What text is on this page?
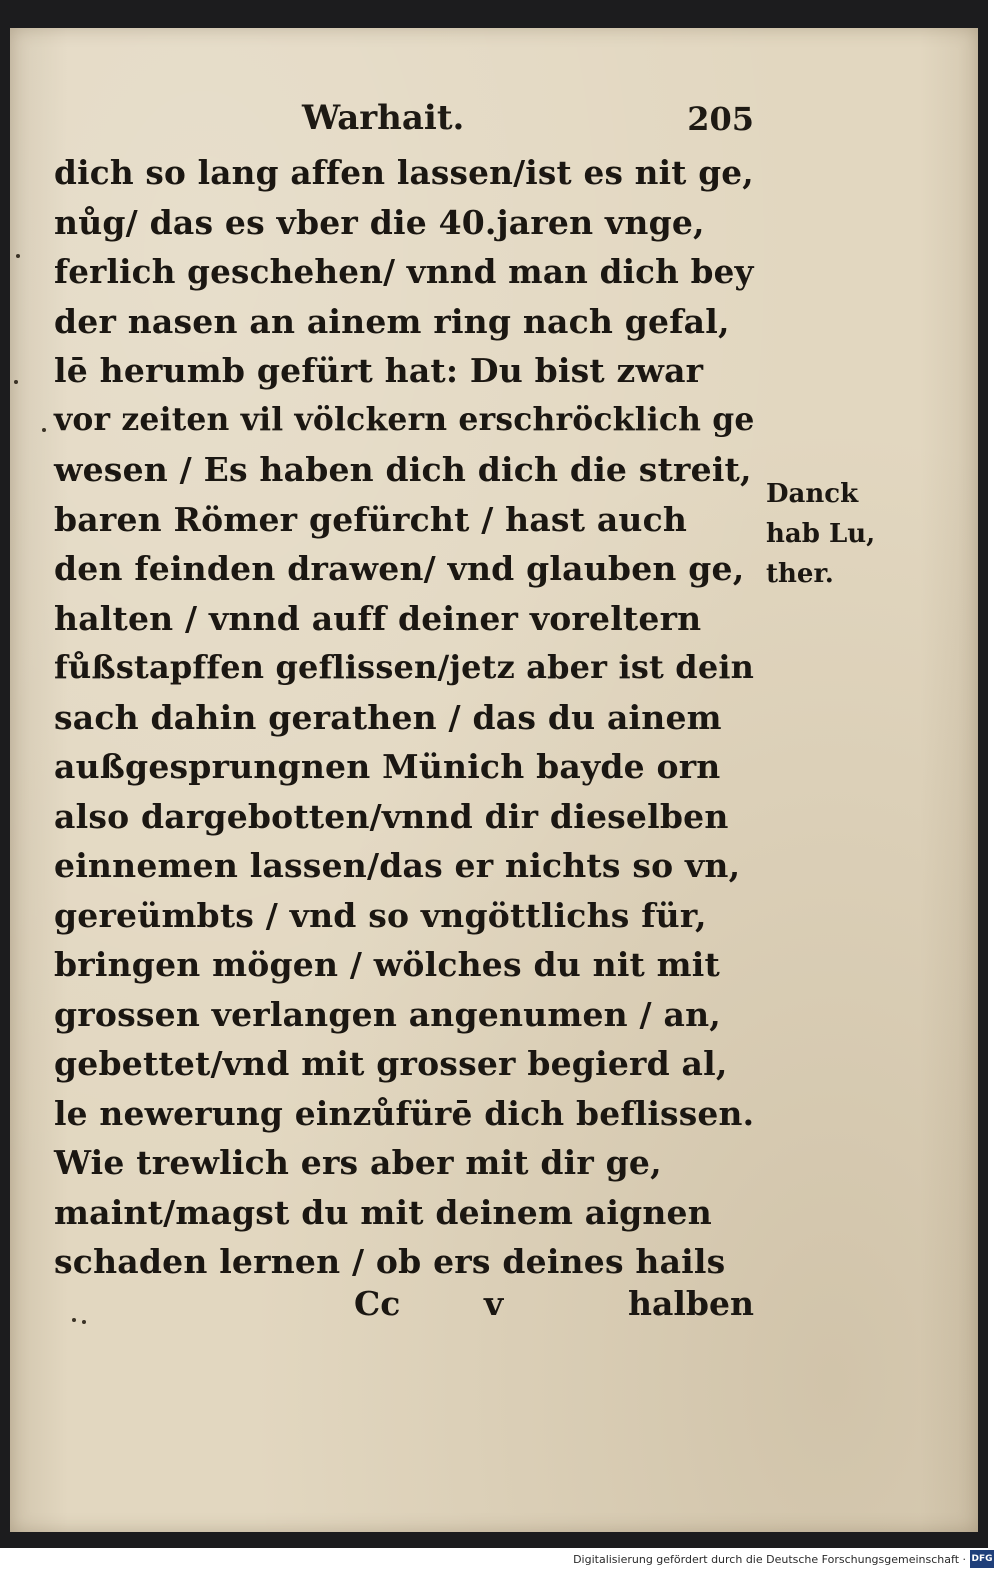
Warhait.	205
dich so lang affen lassen/ist es nit ge,
nůg/ das es vber die 40.jaren vnge,
ferlich geschehen/ vnnd man dich bey
der nasen an ainem ring nach gefal,
lē herumb gefürt hat: Du bist zwar
vor zeiten vil völckern erschröcklich ge
wesen / Es haben dich dich die streit,
baren Römer gefürcht / hast auch
den feinden drawen/ vnd glauben ge,
halten / vnnd auff deiner voreltern
fůßstapffen geflissen/jetz aber ist dein
sach dahin gerathen / das du ainem
außgesprungnen Münich bayde orn
also dargebotten/vnnd dir dieselben
einnemen lassen/das er nichts so vn,
gereümbts / vnd so vngöttlichs für,
bringen mögen / wölches du nit mit
grossen verlangen angenumen / an,
gebettet/vnd mit grosser begierd al,
le newerung einzůfürē dich beflissen.
Wie trewlich ers aber mit dir ge,
maint/magst du mit deinem aignen
schaden lernen / ob ers deines hails
Danck
hab Lu,
ther.
Cc	v	halben
Digitalisierung gefördert durch die Deutsche Forschungsgemeinschaft · DFG
